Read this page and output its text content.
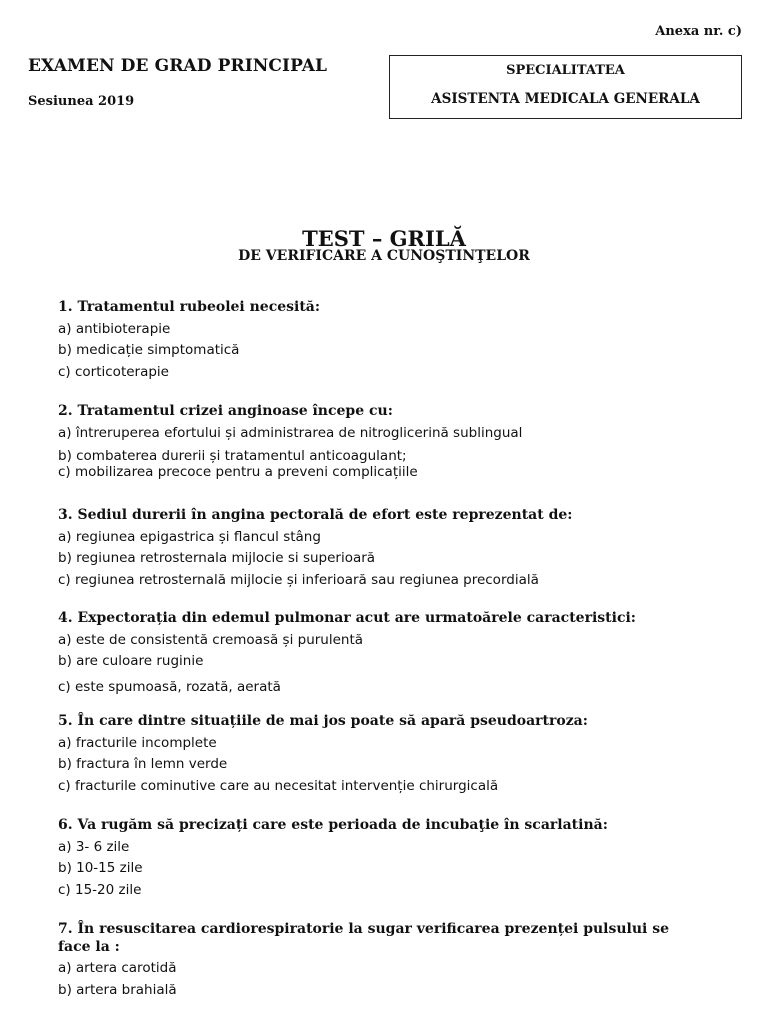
Anexa nr. c)
EXAMEN DE GRAD PRINCIPAL
Sesiunea 2019
SPECIALITATEA
ASISTENTA MEDICALA GENERALA
TEST – GRILĂ
DE VERIFICARE A CUNOŞTINŢELOR
1. Tratamentul rubeolei necesită:
a) antibioterapie
b) medicație simptomatică
c) corticoterapie
2. Tratamentul crizei anginoase începe cu:
a) întreruperea efortului și administrarea de nitroglicerină sublingual
b) combaterea durerii și tratamentul anticoagulant;
c) mobilizarea precoce pentru a preveni complicațiile
3. Sediul durerii în angina pectorală de efort este reprezentat de:
a) regiunea epigastrica și flancul stâng
b) regiunea retrosternala mijlocie si superioară
c) regiunea retrosternală mijlocie și inferioară sau regiunea precordială
4. Expectorația din edemul pulmonar acut are urmatoărele caracteristici:
a) este de consistentă cremoasă și purulentă
b) are culoare ruginie
c) este spumoasă, rozată, aerată
5. În care dintre situațiile de mai jos poate să apară pseudoartroza:
a) fracturile incomplete
b) fractura în lemn verde
c) fracturile cominutive care au necesitat intervenție chirurgicală
6. Va rugăm să precizați care este perioada de incubaţie în scarlatină:
a) 3- 6 zile
b) 10-15 zile
c) 15-20 zile
7. În resuscitarea cardiorespiratorie la sugar verificarea prezenței pulsului se
face la :
a) artera carotidă
b) artera brahială
